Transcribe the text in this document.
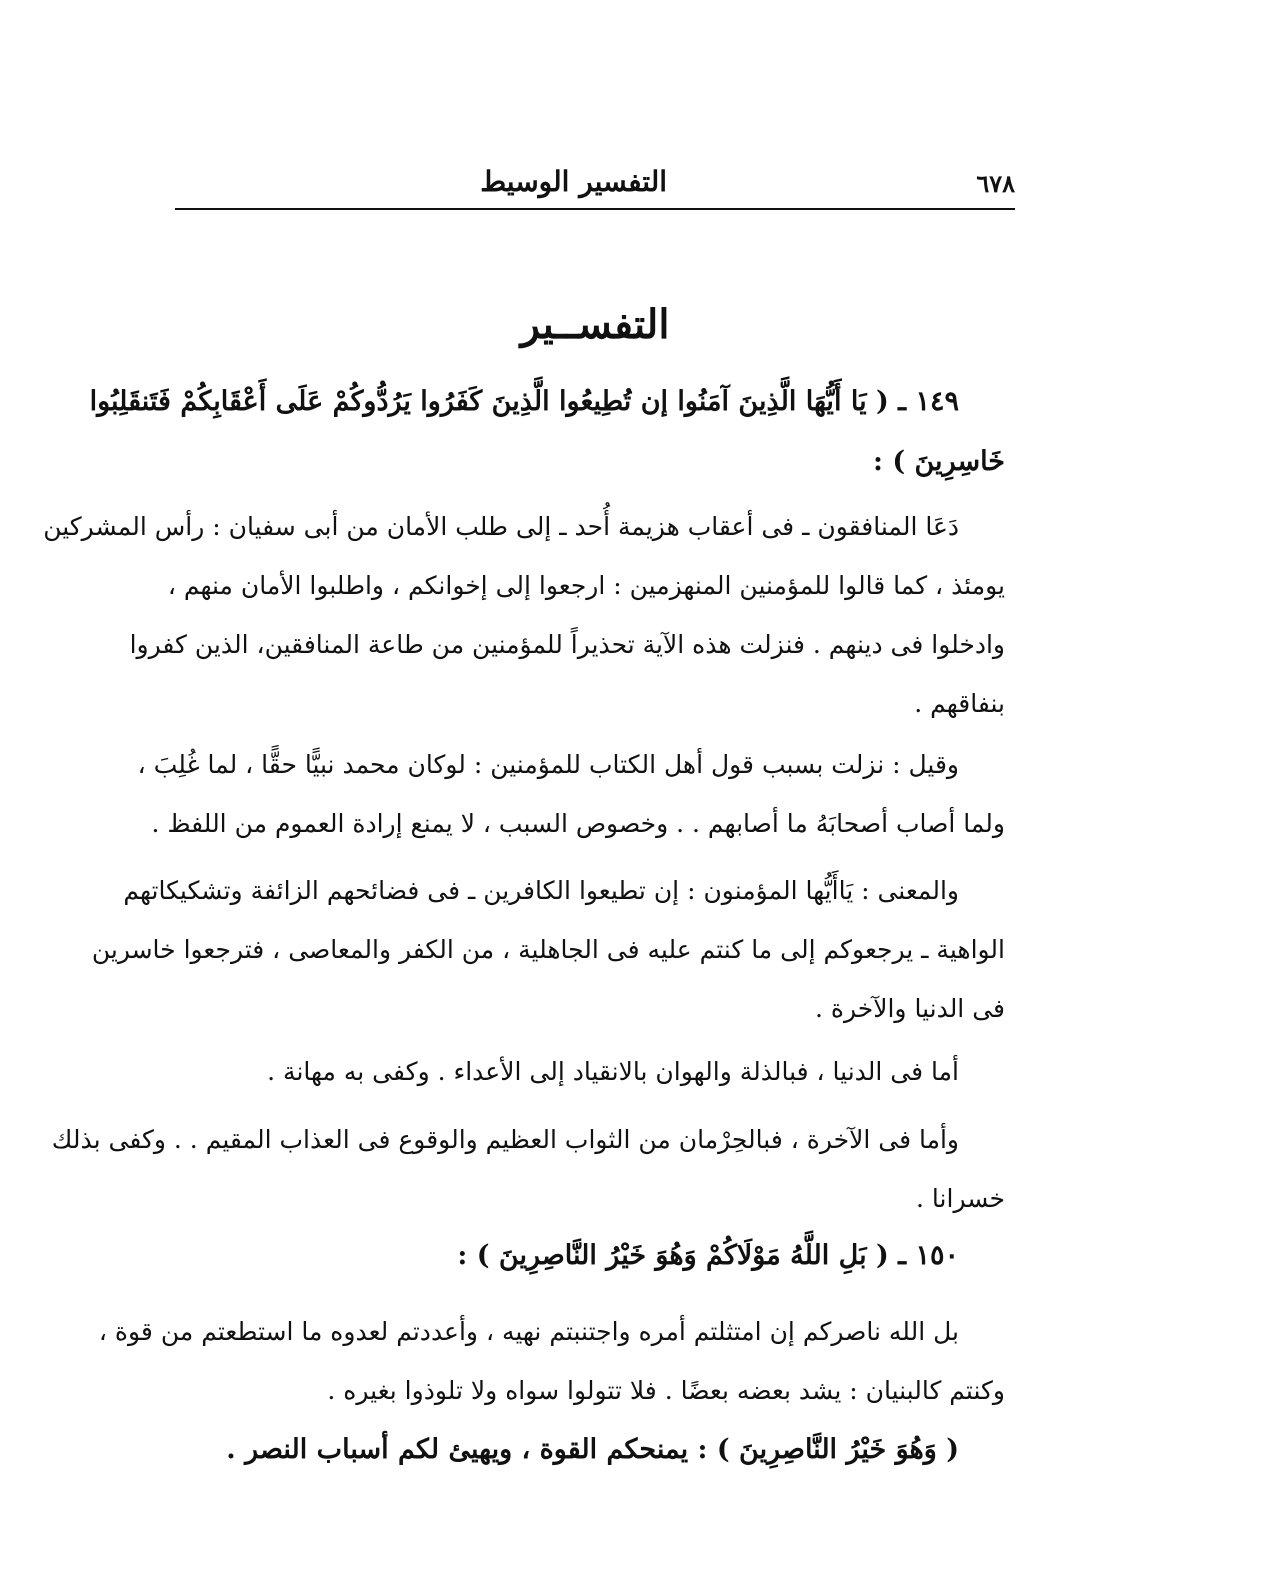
٦٧٨
التفسير الوسيط
التفســير
١٤٩ ـ ( يَا أَيُّهَا الَّذِينَ آمَنُوا إن تُطِيعُوا الَّذِينَ كَفَرُوا يَرُدُّوكُمْ عَلَى أَعْقَابِكُمْ فَتَنقَلِبُوا
خَاسِرِينَ ) :
دَعَا المنافقون ـ فى أعقاب هزيمة أُحد ـ إلى طلب الأمان من أبى سفيان : رأس المشركين
يومئذ ، كما قالوا للمؤمنين المنهزمين : ارجعوا إلى إخوانكم ، واطلبوا الأمان منهم ،
وادخلوا فى دينهم . فنزلت هذه الآية تحذيراً للمؤمنين من طاعة المنافقين، الذين كفروا
بنفاقهم .
وقيل : نزلت بسبب قول أهل الكتاب للمؤمنين : لوكان محمد نبيًّا حقًّا ، لما غُلِبَ ،
ولما أصاب أصحابَهُ ما أصابهم . . وخصوص السبب ، لا يمنع إرادة العموم من اللفظ .
والمعنى : يَاأَيُّها المؤمنون : إن تطيعوا الكافرين ـ فى فضائحهم الزائفة وتشكيكاتهم
الواهية ـ يرجعوكم إلى ما كنتم عليه فى الجاهلية ، من الكفر والمعاصى ، فترجعوا خاسرين
فى الدنيا والآخرة .
أما فى الدنيا ، فبالذلة والهوان بالانقياد إلى الأعداء . وكفى به مهانة .
وأما فى الآخرة ، فبالحِرْمان من الثواب العظيم والوقوع فى العذاب المقيم . . وكفى بذلك
خسرانا .
١٥٠ ـ ( بَلِ اللَّهُ مَوْلَاكُمْ وَهُوَ خَيْرُ النَّاصِرِينَ ) :
بل الله ناصركم إن امتثلتم أمره واجتنبتم نهيه ، وأعددتم لعدوه ما استطعتم من قوة ،
وكنتم كالبنيان : يشد بعضه بعضًا . فلا تتولوا سواه ولا تلوذوا بغيره .
( وَهُوَ خَيْرُ النَّاصِرِينَ ) : يمنحكم القوة ، ويهيئ لكم أسباب النصر .
